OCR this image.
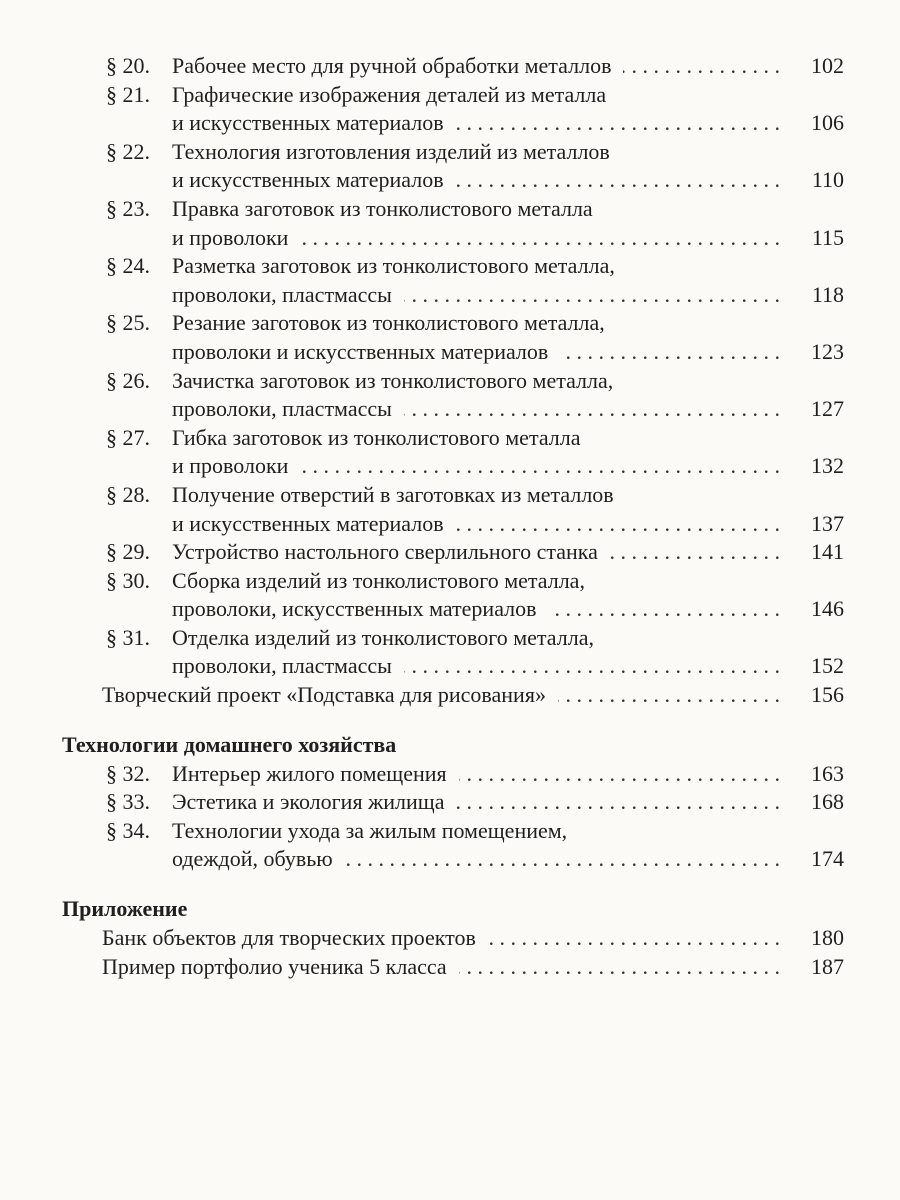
§ 20. Рабочее место для ручной обработки металлов . . .	102
§ 21. Графические изображения деталей из металла
и искусственных материалов . . .	106
§ 22. Технология изготовления изделий из металлов
и искусственных материалов . . .	110
§ 23. Правка заготовок из тонколистового металла
и проволоки . . .	115
§ 24. Разметка заготовок из тонколистового металла,
проволоки, пластмассы . . .	118
§ 25. Резание заготовок из тонколистового металла,
проволоки и искусственных материалов . . .	123
§ 26. Зачистка заготовок из тонколистового металла,
проволоки, пластмассы . . .	127
§ 27. Гибка заготовок из тонколистового металла
и проволоки . . .	132
§ 28. Получение отверстий в заготовках из металлов
и искусственных материалов . . .	137
§ 29. Устройство настольного сверлильного станка . . .	141
§ 30. Сборка изделий из тонколистового металла,
проволоки, искусственных материалов . . .	146
§ 31. Отделка изделий из тонколистового металла,
проволоки, пластмассы . . .	152
Творческий проект «Подставка для рисования» . . .	156
Технологии домашнего хозяйства
§ 32. Интерьер жилого помещения . . .	163
§ 33. Эстетика и экология жилища . . .	168
§ 34. Технологии ухода за жилым помещением,
одеждой, обувью . . .	174
Приложение
Банк объектов для творческих проектов . . .	180
Пример портфолио ученика 5 класса . . .	187
